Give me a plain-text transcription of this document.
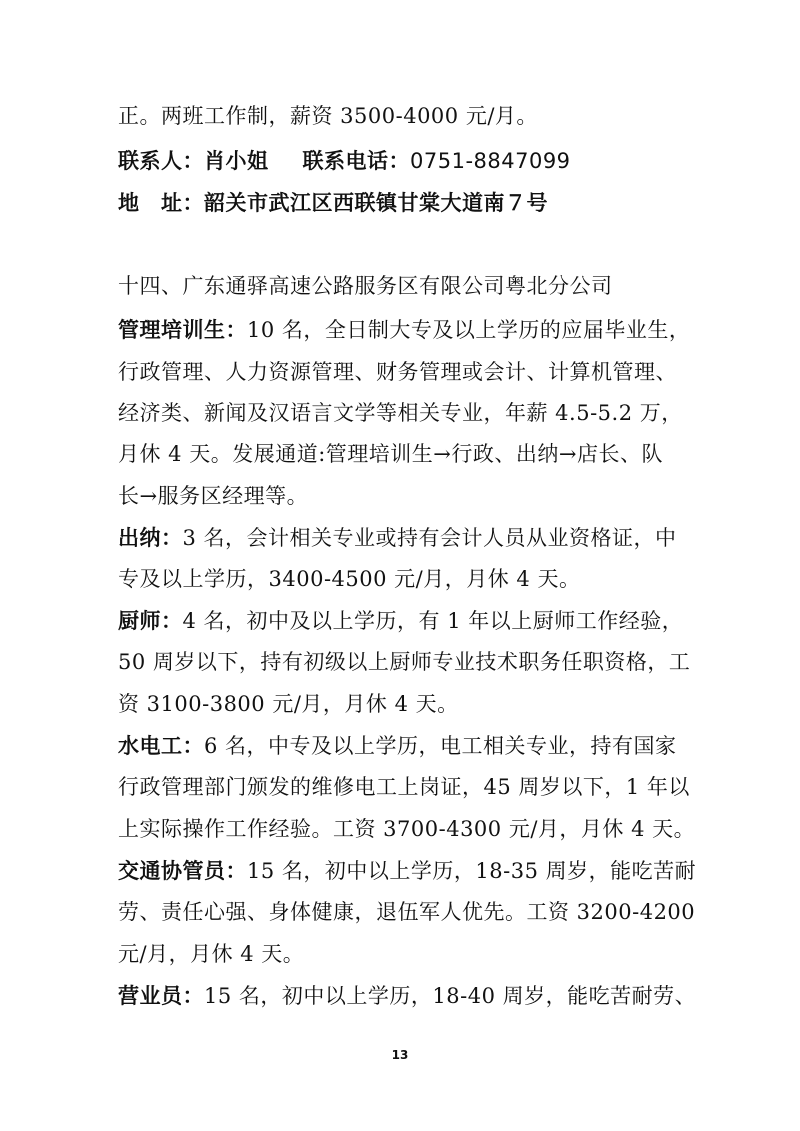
正。两班工作制，薪资 3500-4000 元/月。
联系人：肖小姐 联系电话：0751-8847099
地　址：韶关市武江区西联镇甘棠大道南７号
十四、广东通驿高速公路服务区有限公司粤北分公司
管理培训生：10 名，全日制大专及以上学历的应届毕业生，
行政管理、人力资源管理、财务管理或会计、计算机管理、
经济类、新闻及汉语言文学等相关专业，年薪 4.5-5.2 万，
月休 4 天。发展通道:管理培训生→行政、出纳→店长、队
长→服务区经理等。
出纳：3 名，会计相关专业或持有会计人员从业资格证，中
专及以上学历，3400-4500 元/月，月休 4 天。
厨师：4 名，初中及以上学历，有 1 年以上厨师工作经验，
50 周岁以下，持有初级以上厨师专业技术职务任职资格，工
资 3100-3800 元/月，月休 4 天。
水电工：6 名，中专及以上学历，电工相关专业，持有国家
行政管理部门颁发的维修电工上岗证，45 周岁以下，1 年以
上实际操作工作经验。工资 3700-4300 元/月，月休 4 天。
交通协管员：15 名，初中以上学历，18-35 周岁，能吃苦耐
劳、责任心强、身体健康，退伍军人优先。工资 3200-4200
元/月，月休 4 天。
营业员：15 名，初中以上学历，18-40 周岁，能吃苦耐劳、
13
